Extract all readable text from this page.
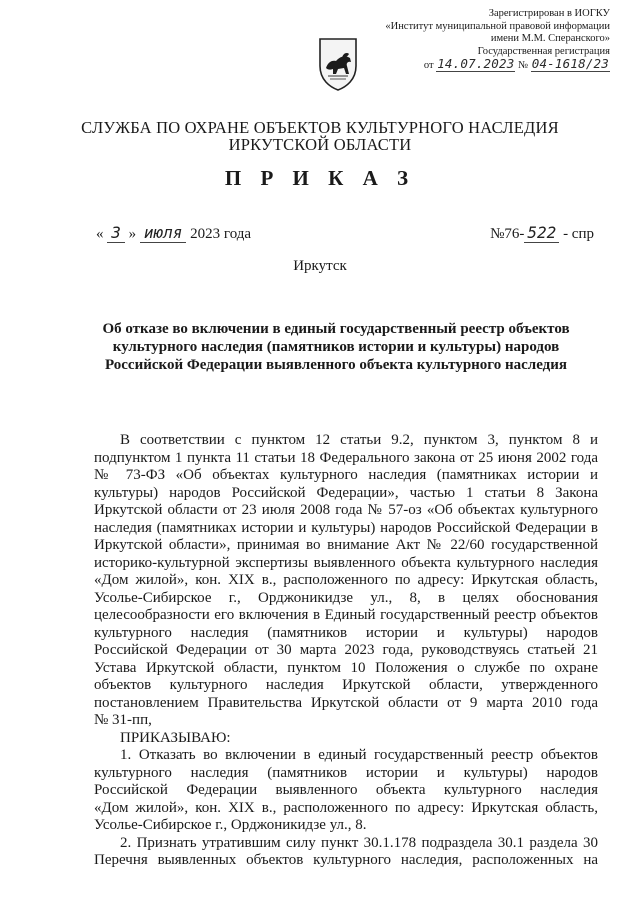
Зарегистрирован в ИОГКУ
«Институт муниципальной правовой информации
имени М.М. Сперанского»
Государственная регистрация
от 14.07.2023 № 04-1618/23
СЛУЖБА ПО ОХРАНЕ ОБЪЕКТОВ КУЛЬТУРНОГО НАСЛЕДИЯ
ИРКУТСКОЙ ОБЛАСТИ
П Р И К А З
« 3 » июля 2023 года	№76- 522 - спр
Иркутск
Об отказе во включении в единый государственный реестр объектов
культурного наследия (памятников истории и культуры) народов
Российской Федерации выявленного объекта культурного наследия
В соответствии с пунктом 12 статьи 9.2, пунктом 3, пунктом 8 и
подпунктом 1 пункта 11 статьи 18 Федерального закона от 25 июня 2002 года
№ 73-ФЗ «Об объектах культурного наследия (памятниках истории и
культуры) народов Российской Федерации», частью 1 статьи 8 Закона
Иркутской области от 23 июля 2008 года № 57-оз «Об объектах культурного
наследия (памятниках истории и культуры) народов Российской Федерации в
Иркутской области», принимая во внимание Акт № 22/60 государственной
историко-культурной экспертизы выявленного объекта культурного наследия
«Дом жилой», кон. XIX в., расположенного по адресу: Иркутская область,
Усолье-Сибирское г., Орджоникидзе ул., 8, в целях обоснования
целесообразности его включения в Единый государственный реестр объектов
культурного наследия (памятников истории и культуры) народов
Российской Федерации от 30 марта 2023 года, руководствуясь статьей 21
Устава Иркутской области, пунктом 10 Положения о службе по охране
объектов культурного наследия Иркутской области, утвержденного
постановлением Правительства Иркутской области от 9 марта 2010 года
№ 31-пп,
ПРИКАЗЫВАЮ:
1. Отказать во включении в единый государственный реестр объектов
культурного наследия (памятников истории и культуры) народов
Российской Федерации выявленного объекта культурного наследия
«Дом жилой», кон. XIX в., расположенного по адресу: Иркутская область,
Усолье-Сибирское г., Орджоникидзе ул., 8.
2. Признать утратившим силу пункт 30.1.178 подраздела 30.1 раздела 30
Перечня выявленных объектов культурного наследия, расположенных на
